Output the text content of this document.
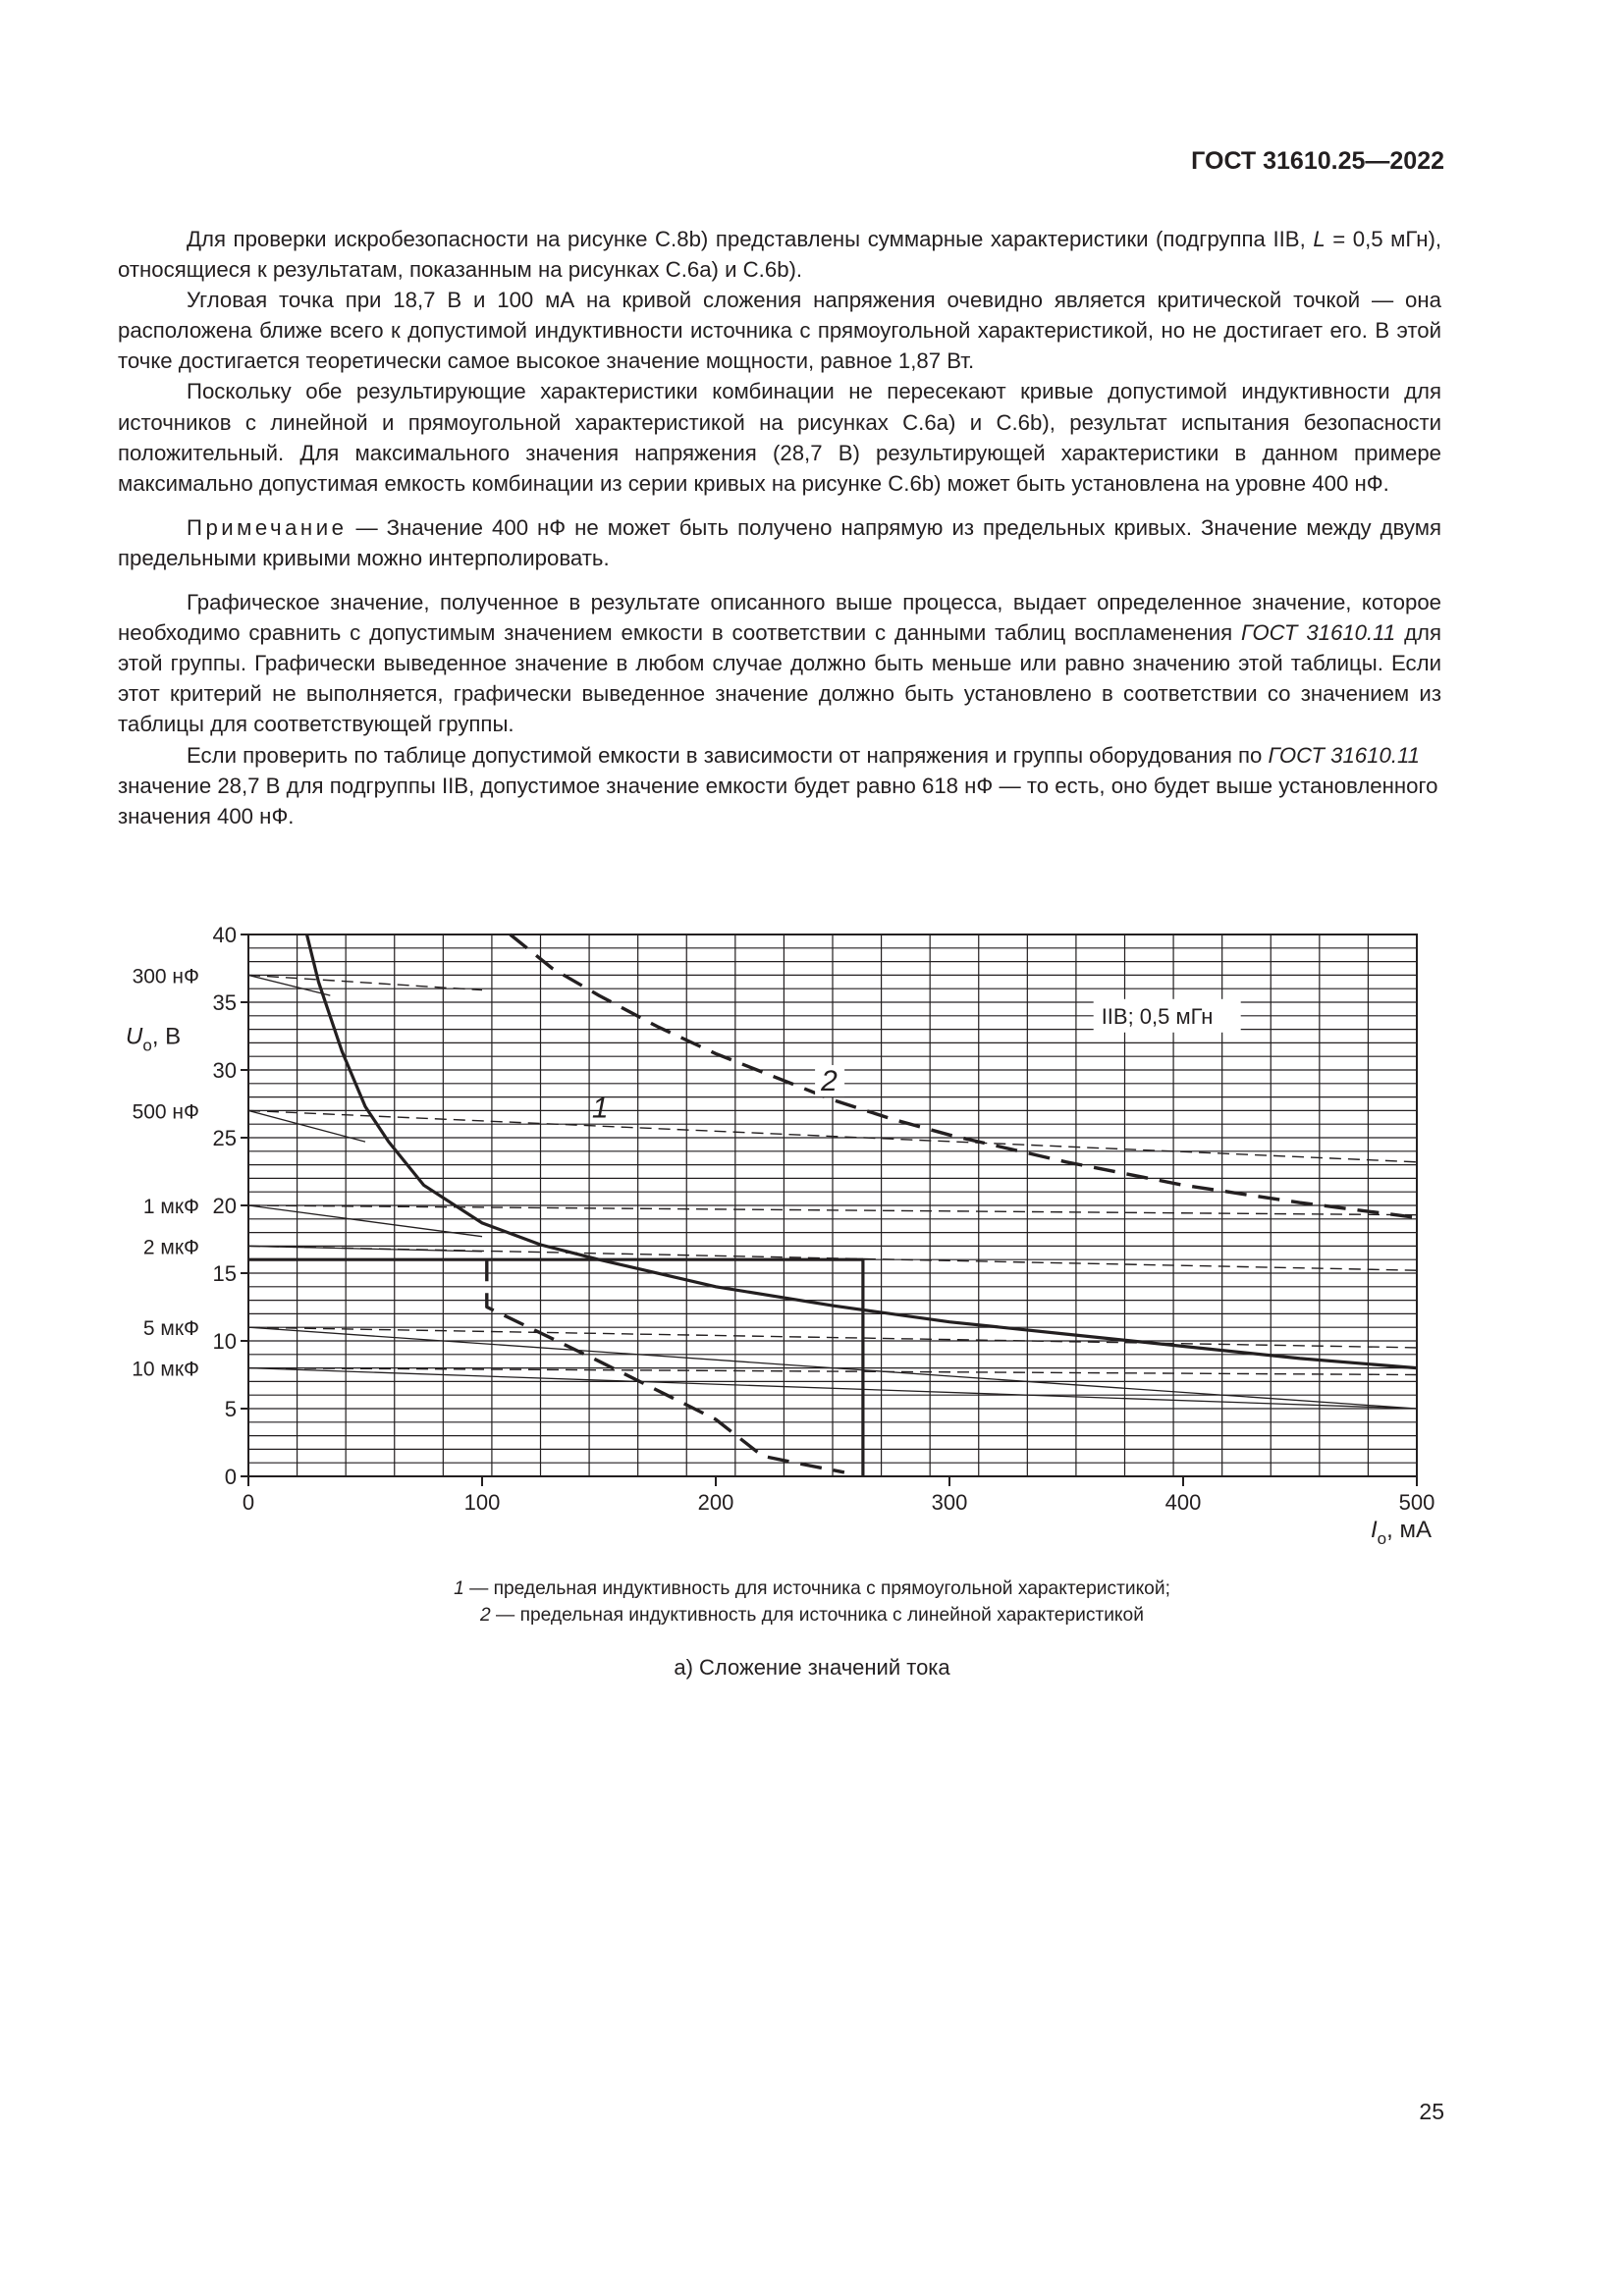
ГОСТ 31610.25—2022

Для проверки искробезопасности на рисунке С.8b) представлены суммарные характеристики (подгруппа IIB, L = 0,5 мГн), относящиеся к результатам, показанным на рисунках С.6а) и С.6b).

Угловая точка при 18,7 В и 100 мА на кривой сложения напряжения очевидно является критической точкой — она расположена ближе всего к допустимой индуктивности источника с прямоугольной характеристикой, но не достигает его. В этой точке достигается теоретически самое высокое значение мощности, равное 1,87 Вт.

Поскольку обе результирующие характеристики комбинации не пересекают кривые допустимой индуктивности для источников с линейной и прямоугольной характеристикой на рисунках С.6а) и С.6b), результат испытания безопасности положительный. Для максимального значения напряжения (28,7 В) результирующей характеристики в данном примере максимально допустимая емкость комбинации из серии кривых на рисунке С.6b) может быть установлена на уровне 400 нФ.

Примечание — Значение 400 нФ не может быть получено напрямую из предельных кривых. Значение между двумя предельными кривыми можно интерполировать.

Графическое значение, полученное в результате описанного выше процесса, выдает определенное значение, которое необходимо сравнить с допустимым значением емкости в соответствии с данными таблиц воспламенения ГОСТ 31610.11 для этой группы. Графически выведенное значение в любом случае должно быть меньше или равно значению этой таблицы. Если этот критерий не выполняется, графически выведенное значение должно быть установлено в соответствии со значением из таблицы для соответствующей группы.

Если проверить по таблице допустимой емкости в зависимости от напряжения и группы оборудования по ГОСТ 31610.11 значение 28,7 В для подгруппы IIB, допустимое значение емкости будет равно 618 нФ — то есть, оно будет выше установленного значения 400 нФ.

0	100	200	300	400	500
0
5
10
15
20
25
30
35
40
300 нФ
500 нФ
1 мкФ
2 мкФ
5 мкФ
10 мкФ
$U_o$, В
$I_o$, мА
IIB; 0,5 мГн
1
2
1 — предельная индуктивность для источника с прямоугольной характеристикой;
2 — предельная индуктивность для источника с линейной характеристикой
а) Сложение значений тока
25
